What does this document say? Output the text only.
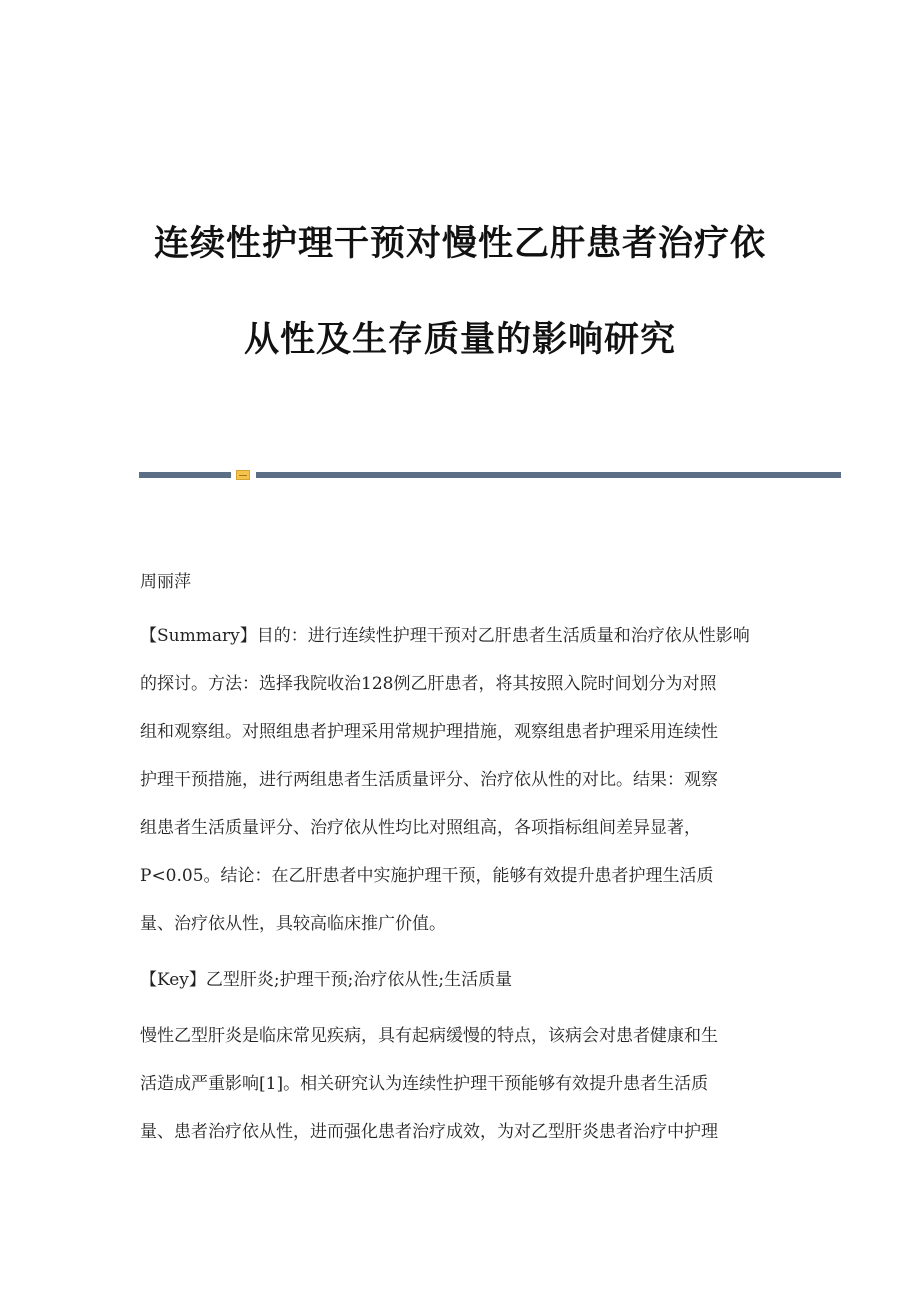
连续性护理干预对慢性乙肝患者治疗依
从性及生存质量的影响研究
周丽萍
【Summary】目的：进行连续性护理干预对乙肝患者生活质量和治疗依从性影响
的探讨。方法：选择我院收治128例乙肝患者，将其按照入院时间划分为对照
组和观察组。对照组患者护理采用常规护理措施，观察组患者护理采用连续性
护理干预措施，进行两组患者生活质量评分、治疗依从性的对比。结果：观察
组患者生活质量评分、治疗依从性均比对照组高，各项指标组间差异显著，
P<0.05。结论：在乙肝患者中实施护理干预，能够有效提升患者护理生活质
量、治疗依从性，具较高临床推广价值。
【Key】乙型肝炎;护理干预;治疗依从性;生活质量
慢性乙型肝炎是临床常见疾病，具有起病缓慢的特点，该病会对患者健康和生
活造成严重影响[1]。相关研究认为连续性护理干预能够有效提升患者生活质
量、患者治疗依从性，进而强化患者治疗成效，为对乙型肝炎患者治疗中护理
